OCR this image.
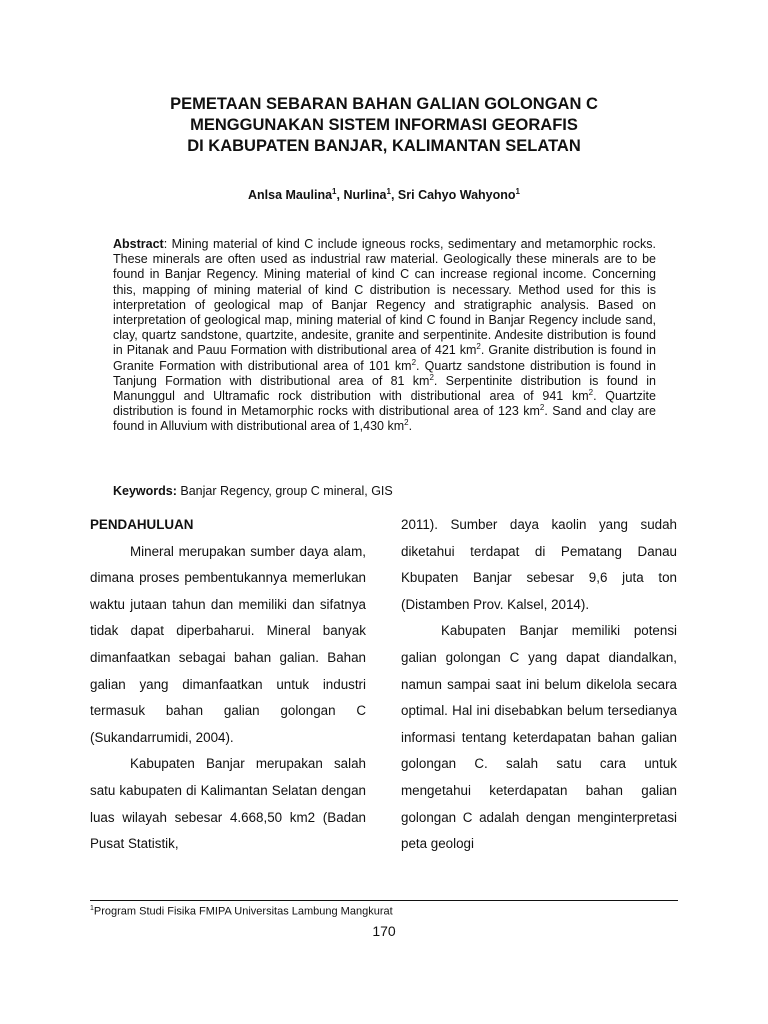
PEMETAAN SEBARAN BAHAN GALIAN GOLONGAN C
MENGGUNAKAN SISTEM INFORMASI GEORAFIS
DI KABUPATEN BANJAR, KALIMANTAN SELATAN
Anlsa Maulina$^1$, Nurlina$^1$, Sri Cahyo Wahyono$^1$
Abstract: Mining material of kind C include igneous rocks, sedimentary and metamorphic rocks. These minerals are often used as industrial raw material. Geologically these minerals are to be found in Banjar Regency. Mining material of kind C can increase regional income. Concerning this, mapping of mining material of kind C distribution is necessary. Method used for this is interpretation of geological map of Banjar Regency and stratigraphic analysis. Based on interpretation of geological map, mining material of kind C found in Banjar Regency include sand, clay, quartz sandstone, quartzite, andesite, granite and serpentinite. Andesite distribution is found in Pitanak and Pauu Formation with distributional area of 421 $km^2$. Granite distribution is found in Granite Formation with distributional area of 101 $km^2$. Quartz sandstone distribution is found in Tanjung Formation with distributional area of 81 $km^2$. Serpentinite distribution is found in Manunggul and Ultramafic rock distribution with distributional area of 941 $km^2$. Quartzite distribution is found in Metamorphic rocks with distributional area of 123 $km^2$. Sand and clay are found in Alluvium with distributional area of 1,430 $km^2$.
Keywords: Banjar Regency, group C mineral, GIS
PENDAHULUAN

Mineral merupakan sumber daya alam, dimana proses pembentukannya memerlukan waktu jutaan tahun dan memiliki dan sifatnya tidak dapat diperbaharui. Mineral banyak dimanfaatkan sebagai bahan galian. Bahan galian yang dimanfaatkan untuk industri termasuk bahan galian golongan C (Sukandarrumidi, 2004).

Kabupaten Banjar merupakan salah satu kabupaten di Kalimantan Selatan dengan luas wilayah sebesar 4.668,50 km2 (Badan Pusat Statistik,

2011). Sumber daya kaolin yang sudah diketahui terdapat di Pematang Danau Kbupaten Banjar sebesar 9,6 juta ton (Distamben Prov. Kalsel, 2014).

Kabupaten Banjar memiliki potensi galian golongan C yang dapat diandalkan, namun sampai saat ini belum dikelola secara optimal. Hal ini disebabkan belum tersedianya informasi tentang keterdapatan bahan galian golongan C. salah satu cara untuk mengetahui keterdapatan bahan galian golongan C adalah dengan menginterpretasi peta geologi

$^1$Program Studi Fisika FMIPA Universitas Lambung Mangkurat
170
